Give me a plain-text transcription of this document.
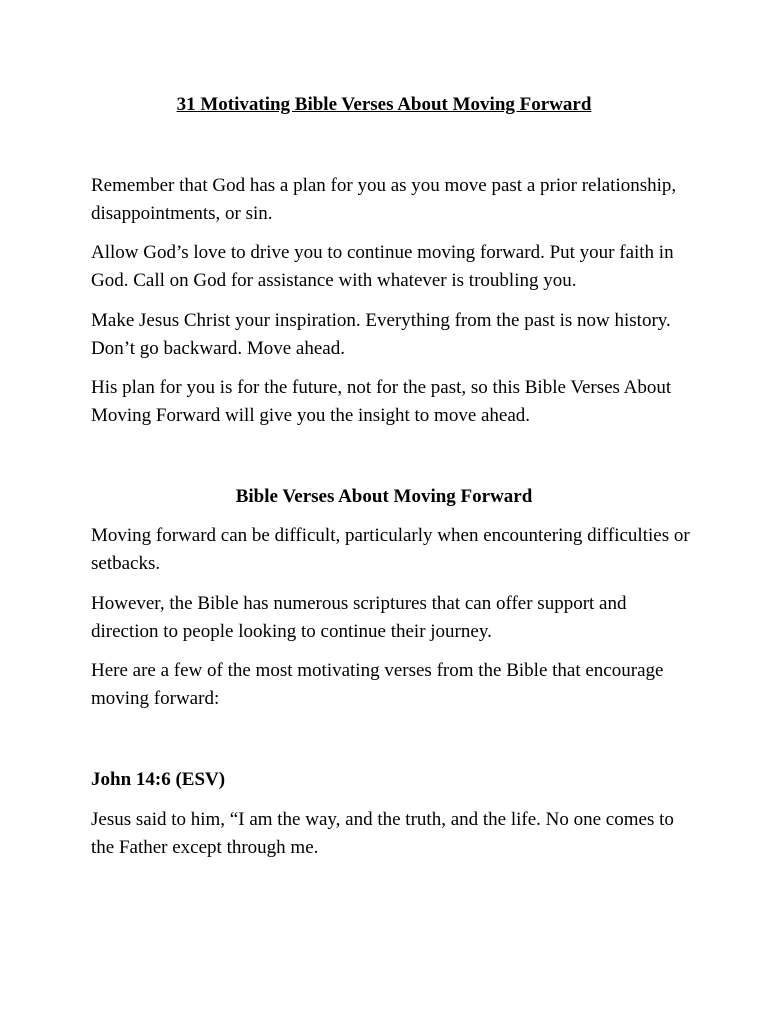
31 Motivating Bible Verses About Moving Forward

Remember that God has a plan for you as you move past a prior relationship, disappointments, or sin.

Allow God’s love to drive you to continue moving forward. Put your faith in God. Call on God for assistance with whatever is troubling you.

Make Jesus Christ your inspiration. Everything from the past is now history. Don’t go backward. Move ahead.

His plan for you is for the future, not for the past, so this Bible Verses About Moving Forward will give you the insight to move ahead.

Bible Verses About Moving Forward

Moving forward can be difficult, particularly when encountering difficulties or setbacks.

However, the Bible has numerous scriptures that can offer support and direction to people looking to continue their journey.

Here are a few of the most motivating verses from the Bible that encourage moving forward:

John 14:6 (ESV)

Jesus said to him, “I am the way, and the truth, and the life. No one comes to the Father except through me.
